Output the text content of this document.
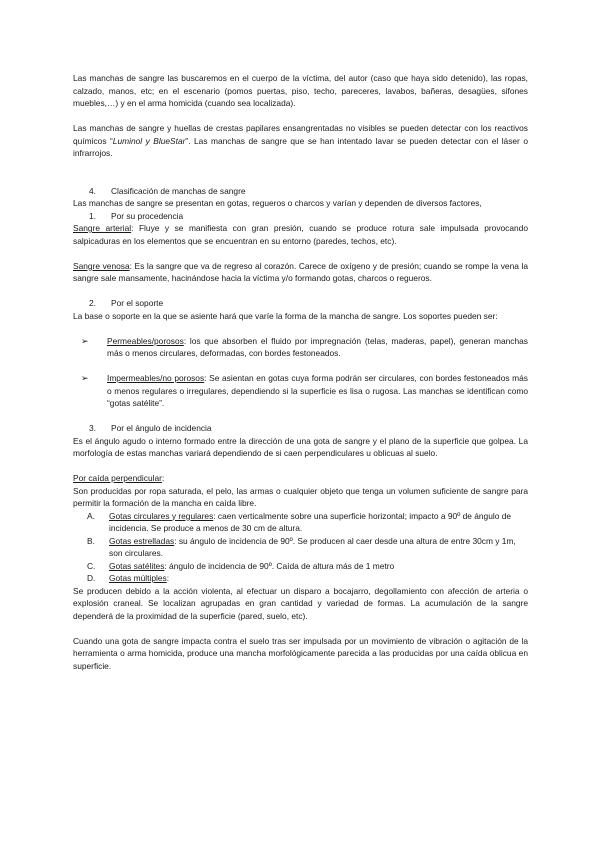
Las manchas de sangre las buscaremos en el cuerpo de la víctima, del autor (caso que haya sido detenido), las ropas, calzado, manos, etc; en el escenario (pomos puertas, piso, techo, pareceres, lavabos, bañeras, desagües, sifones muebles,…) y en el arma homicida (cuando sea localizada).

Las manchas de sangre y huellas de crestas papilares ensangrentadas no visibles se pueden detectar con los reactivos químicos “Luminol y BlueStar”. Las manchas de sangre que se han intentado lavar se pueden detectar con el láser o infrarrojos.

4.	Clasificación de manchas de sangre

Las manchas de sangre se presentan en gotas, regueros o charcos y varían y dependen de diversos factores,

1.	Por su procedencia

Sangre arterial: Fluye y se manifiesta con gran presión, cuando se produce rotura sale impulsada provocando salpicaduras en los elementos que se encuentran en su entorno (paredes, techos, etc).

Sangre venosa: Es la sangre que va de regreso al corazón. Carece de oxígeno y de presión; cuando se rompe la vena la sangre sale mansamente, hacinándose hacia la víctima y/o formando gotas, charcos o regueros.

2.	Por el soporte

La base o soporte en la que se asiente hará que varíe la forma de la mancha de sangre. Los soportes pueden ser:

➢	Permeables/porosos: los que absorben el fluido por impregnación (telas, maderas, papel), generan manchas más o menos circulares, deformadas, con bordes festoneados.
➢	Impermeables/no porosos: Se asientan en gotas cuya forma podrán ser circulares, con bordes festoneados más o menos regulares o irregulares, dependiendo si la superficie es lisa o rugosa. Las manchas se identifican como “gotas satélite”.
3.	Por el ángulo de incidencia

Es el ángulo agudo o interno formado entre la dirección de una gota de sangre y el plano de la superficie que golpea. La morfología de estas manchas variará dependiendo de si caen perpendiculares u oblicuas al suelo.

Por caída perpendicular:

Son producidas por ropa saturada, el pelo, las armas o cualquier objeto que tenga un volumen suficiente de sangre para permitir la formación de la mancha en caída libre.

A.	Gotas circulares y regulares: caen verticalmente sobre una superficie horizontal; impacto a 90º de ángulo de incidencia. Se produce a menos de 30 cm de altura.
B.	Gotas estrelladas: su ángulo de incidencia de 90º. Se producen al caer desde una altura de entre 30cm y 1m, son circulares.
C.	Gotas satélites: ángulo de incidencia de 90º. Caída de altura más de 1 metro
D.	Gotas múltiples:

Se producen debido a la acción violenta, al efectuar un disparo a bocajarro, degollamiento con afección de arteria o explosión craneal. Se localizan agrupadas en gran cantidad y variedad de formas. La acumulación de la sangre dependerá de la proximidad de la superficie (pared, suelo, etc).

Cuando una gota de sangre impacta contra el suelo tras ser impulsada por un movimiento de vibración o agitación de la herramienta o arma homicida, produce una mancha morfológicamente parecida a las producidas por una caída oblicua en superficie.
